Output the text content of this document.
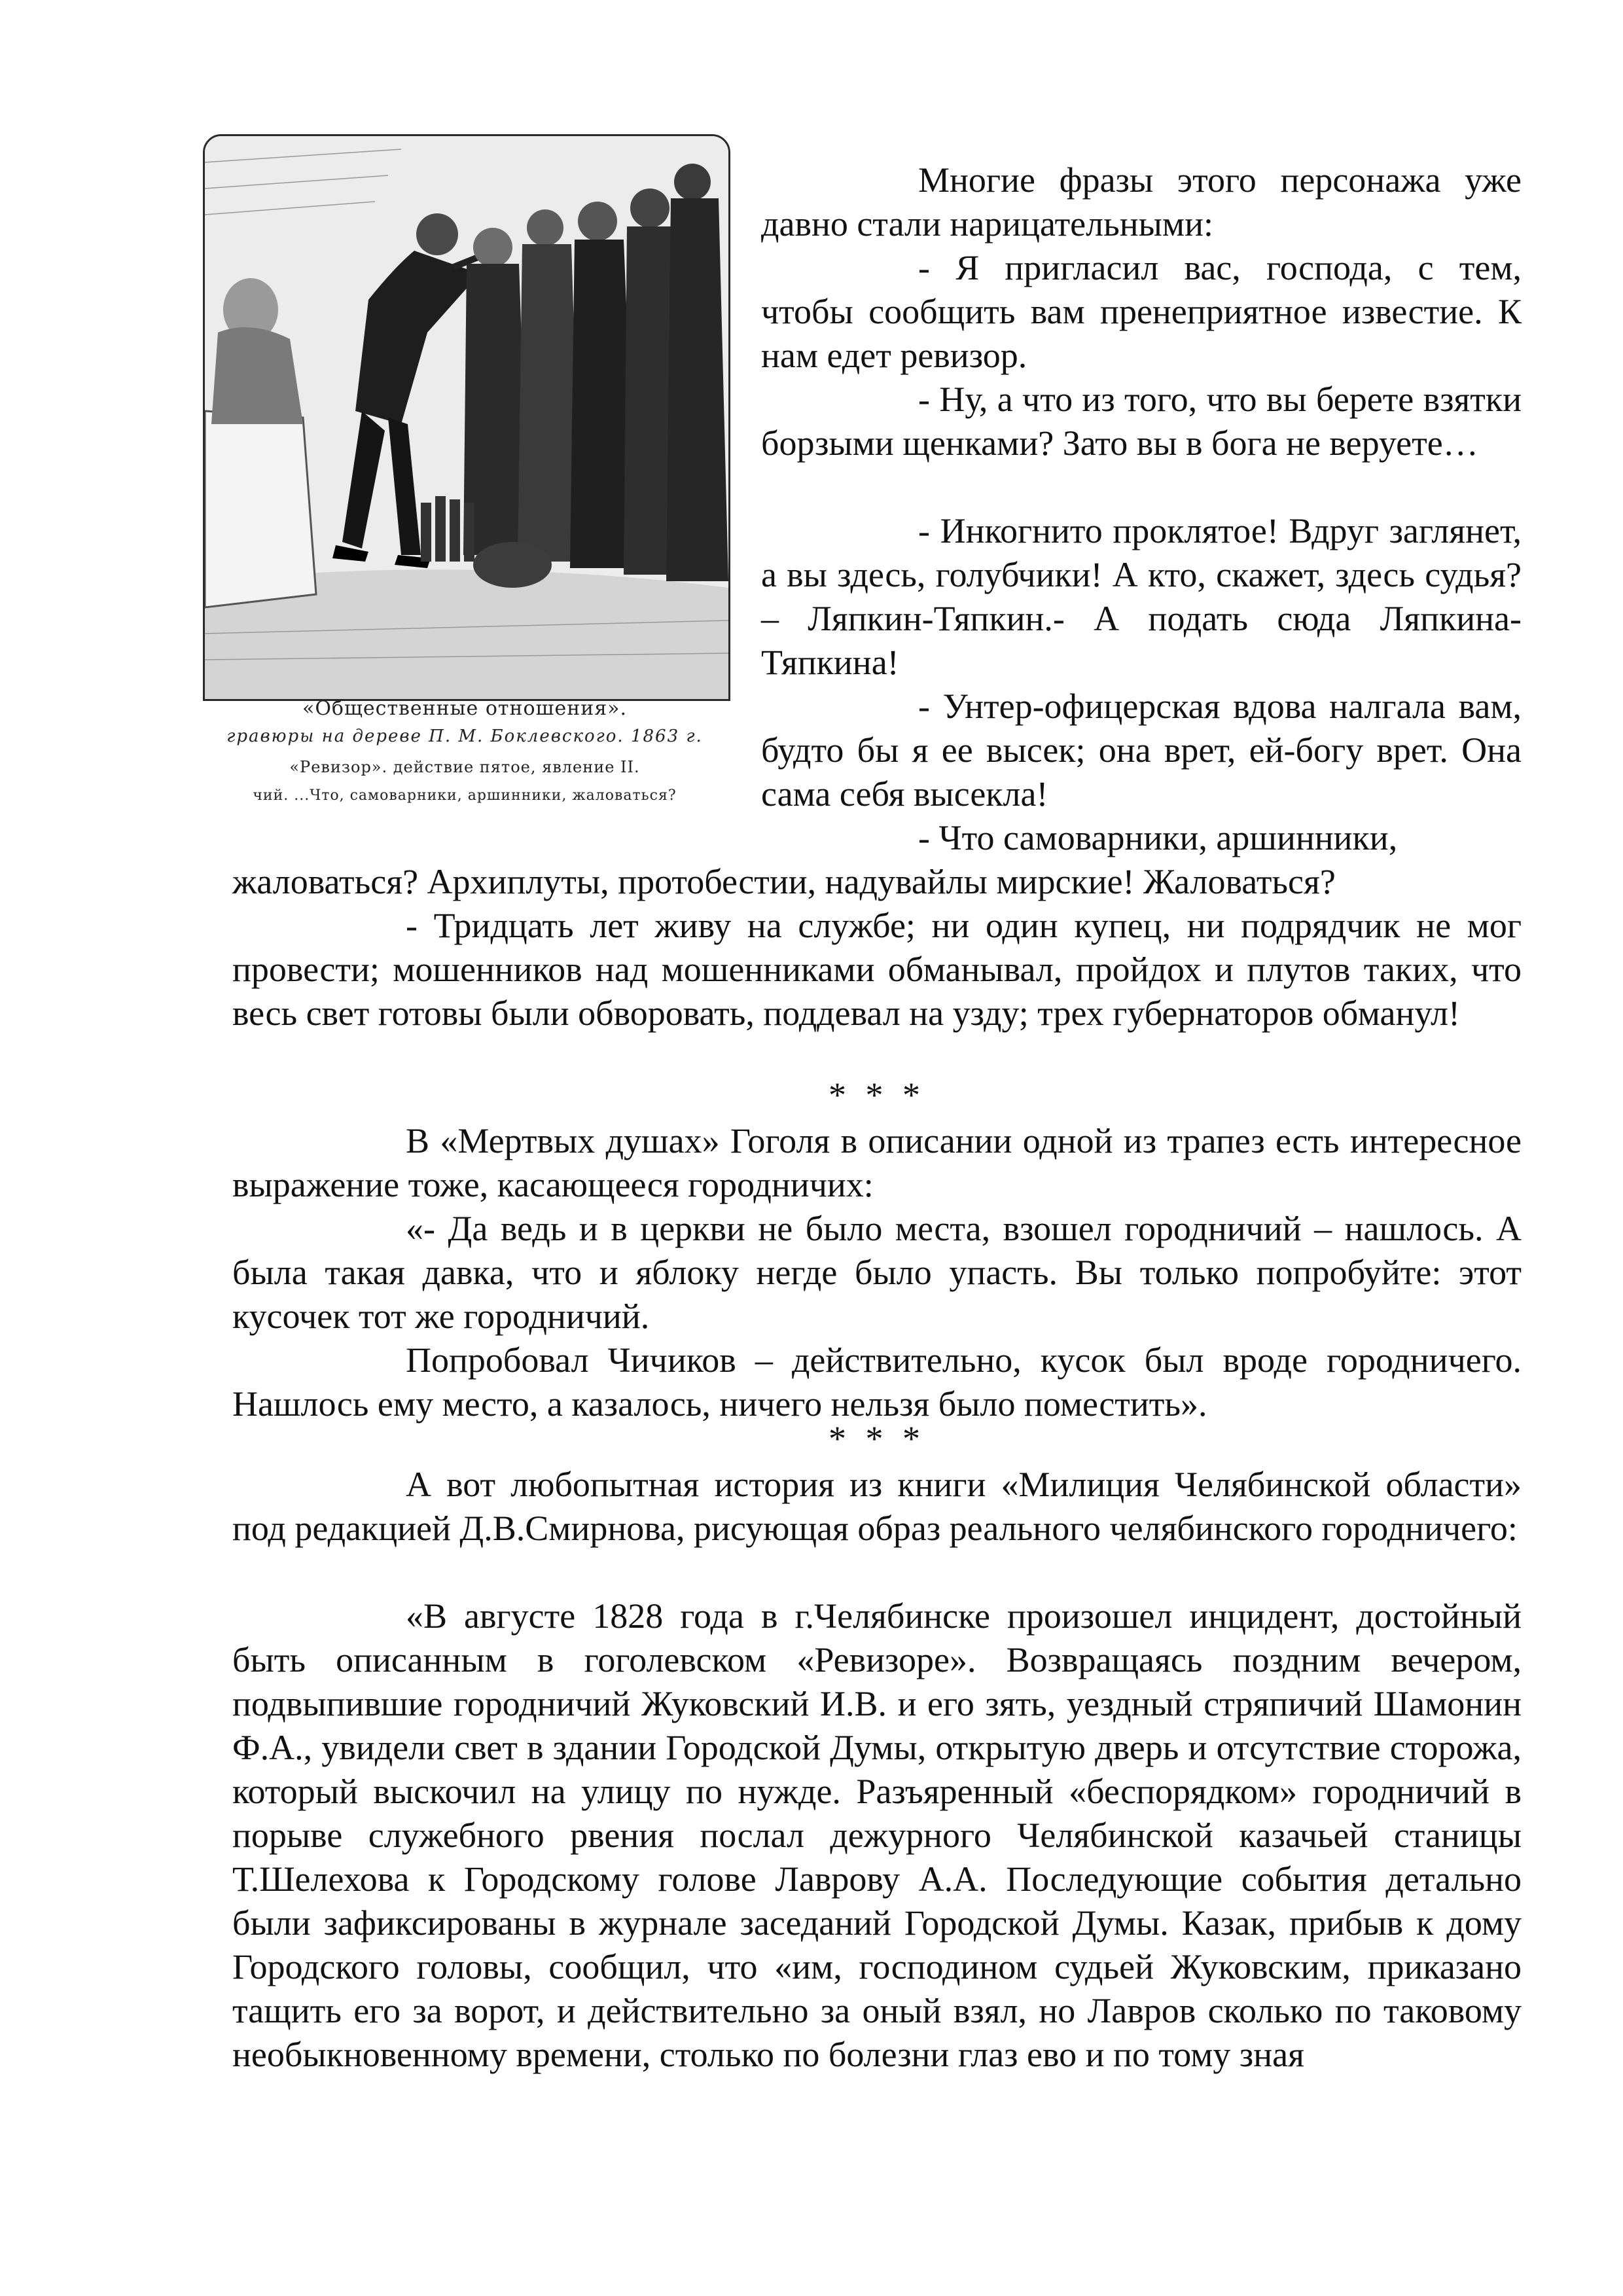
«Общественные отношения».

гравюры на дереве П. М. Боклевского. 1863 г.

«Ревизор». действие пятое, явление II.

чий. ...Что, самоварники, аршинники, жаловаться?

Многие фразы этого персонажа уже давно стали нарицательными:

- Я пригласил вас, господа, с тем, чтобы сообщить вам пренеприятное известие. К нам едет ревизор.

- Ну, а что из того, что вы берете взятки борзыми щенками? Зато вы в бога не веруете…

- Инкогнито проклятое! Вдруг заглянет, а вы здесь, голубчики! А кто, скажет, здесь судья? – Ляпкин-Тяпкин.- А подать сюда Ляпкина-Тяпкина!

- Унтер-офицерская вдова налгала вам, будто бы я ее высек; она врет, ей-богу врет. Она сама себя высекла!

- Что самоварники, аршинники,

жаловаться? Архиплуты, протобестии, надувайлы мирские! Жаловаться?

- Тридцать лет живу на службе; ни один купец, ни подрядчик не мог провести; мошенников над мошенниками обманывал, пройдох и плутов таких, что весь свет готовы были обворовать, поддевал на узду; трех губернаторов обманул!

* * *

В «Мертвых душах» Гоголя в описании одной из трапез есть интересное выражение тоже, касающееся городничих:

«- Да ведь и в церкви не было места, взошел городничий – нашлось. А была такая давка, что и яблоку негде было упасть. Вы только попробуйте: этот кусочек тот же городничий.

Попробовал Чичиков – действительно, кусок был вроде городничего. Нашлось ему место, а казалось, ничего нельзя было поместить».

* * *

А вот любопытная история из книги «Милиция Челябинской области» под редакцией Д.В.Смирнова, рисующая образ реального челябинского городничего:

«В августе 1828 года в г.Челябинске произошел инцидент, достойный быть описанным в гоголевском «Ревизоре». Возвращаясь поздним вечером, подвыпившие городничий Жуковский И.В. и его зять, уездный стряпичий Шамонин Ф.А., увидели свет в здании Городской Думы, открытую дверь и отсутствие сторожа, который выскочил на улицу по нужде. Разъяренный «беспорядком» городничий в порыве служебного рвения послал дежурного Челябинской казачьей станицы Т.Шелехова к Городскому голове Лаврову А.А. Последующие события детально были зафиксированы в журнале заседаний Городской Думы. Казак, прибыв к дому Городского головы, сообщил, что «им, господином судьей Жуковским, приказано тащить его за ворот, и действительно за оный взял, но Лавров сколько по таковому необыкновенному времени, столько по болезни глаз ево и по тому зная
